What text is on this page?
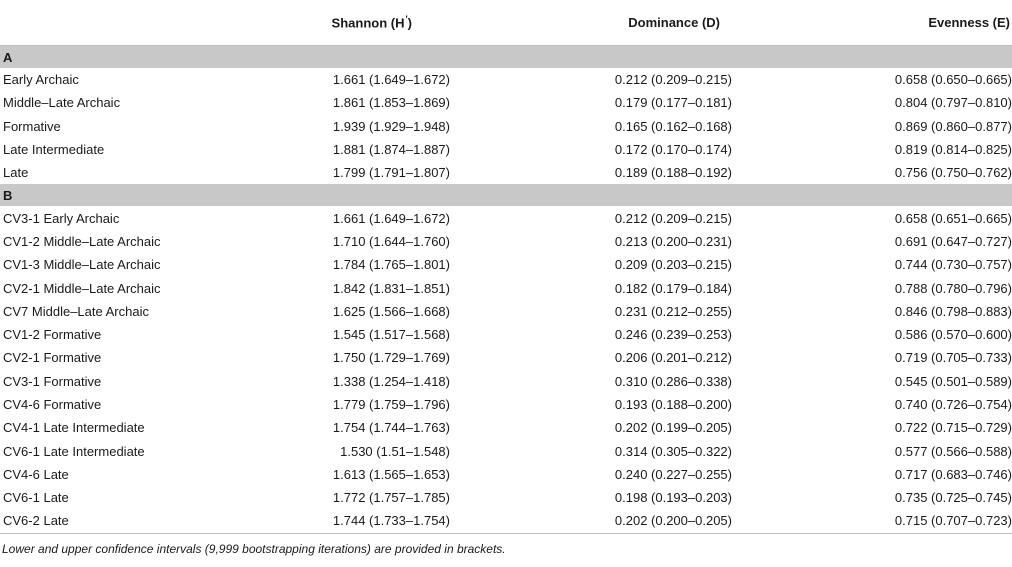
	Shannon (H′)	Dominance (D)	Evenness (E)
A			
Early Archaic	1.661 (1.649–1.672)	0.212 (0.209–0.215)	0.658 (0.650–0.665)
Middle–Late Archaic	1.861 (1.853–1.869)	0.179 (0.177–0.181)	0.804 (0.797–0.810)
Formative	1.939 (1.929–1.948)	0.165 (0.162–0.168)	0.869 (0.860–0.877)
Late Intermediate	1.881 (1.874–1.887)	0.172 (0.170–0.174)	0.819 (0.814–0.825)
Late	1.799 (1.791–1.807)	0.189 (0.188–0.192)	0.756 (0.750–0.762)
B			
CV3-1 Early Archaic	1.661 (1.649–1.672)	0.212 (0.209–0.215)	0.658 (0.651–0.665)
CV1-2 Middle–Late Archaic	1.710 (1.644–1.760)	0.213 (0.200–0.231)	0.691 (0.647–0.727)
CV1-3 Middle–Late Archaic	1.784 (1.765–1.801)	0.209 (0.203–0.215)	0.744 (0.730–0.757)
CV2-1 Middle–Late Archaic	1.842 (1.831–1.851)	0.182 (0.179–0.184)	0.788 (0.780–0.796)
CV7 Middle–Late Archaic	1.625 (1.566–1.668)	0.231 (0.212–0.255)	0.846 (0.798–0.883)
CV1-2 Formative	1.545 (1.517–1.568)	0.246 (0.239–0.253)	0.586 (0.570–0.600)
CV2-1 Formative	1.750 (1.729–1.769)	0.206 (0.201–0.212)	0.719 (0.705–0.733)
CV3-1 Formative	1.338 (1.254–1.418)	0.310 (0.286–0.338)	0.545 (0.501–0.589)
CV4-6 Formative	1.779 (1.759–1.796)	0.193 (0.188–0.200)	0.740 (0.726–0.754)
CV4-1 Late Intermediate	1.754 (1.744–1.763)	0.202 (0.199–0.205)	0.722 (0.715–0.729)
CV6-1 Late Intermediate	1.530 (1.51–1.548)	0.314 (0.305–0.322)	0.577 (0.566–0.588)
CV4-6 Late	1.613 (1.565–1.653)	0.240 (0.227–0.255)	0.717 (0.683–0.746)
CV6-1 Late	1.772 (1.757–1.785)	0.198 (0.193–0.203)	0.735 (0.725–0.745)
CV6-2 Late	1.744 (1.733–1.754)	0.202 (0.200–0.205)	0.715 (0.707–0.723)
Lower and upper confidence intervals (9,999 bootstrapping iterations) are provided in brackets.
